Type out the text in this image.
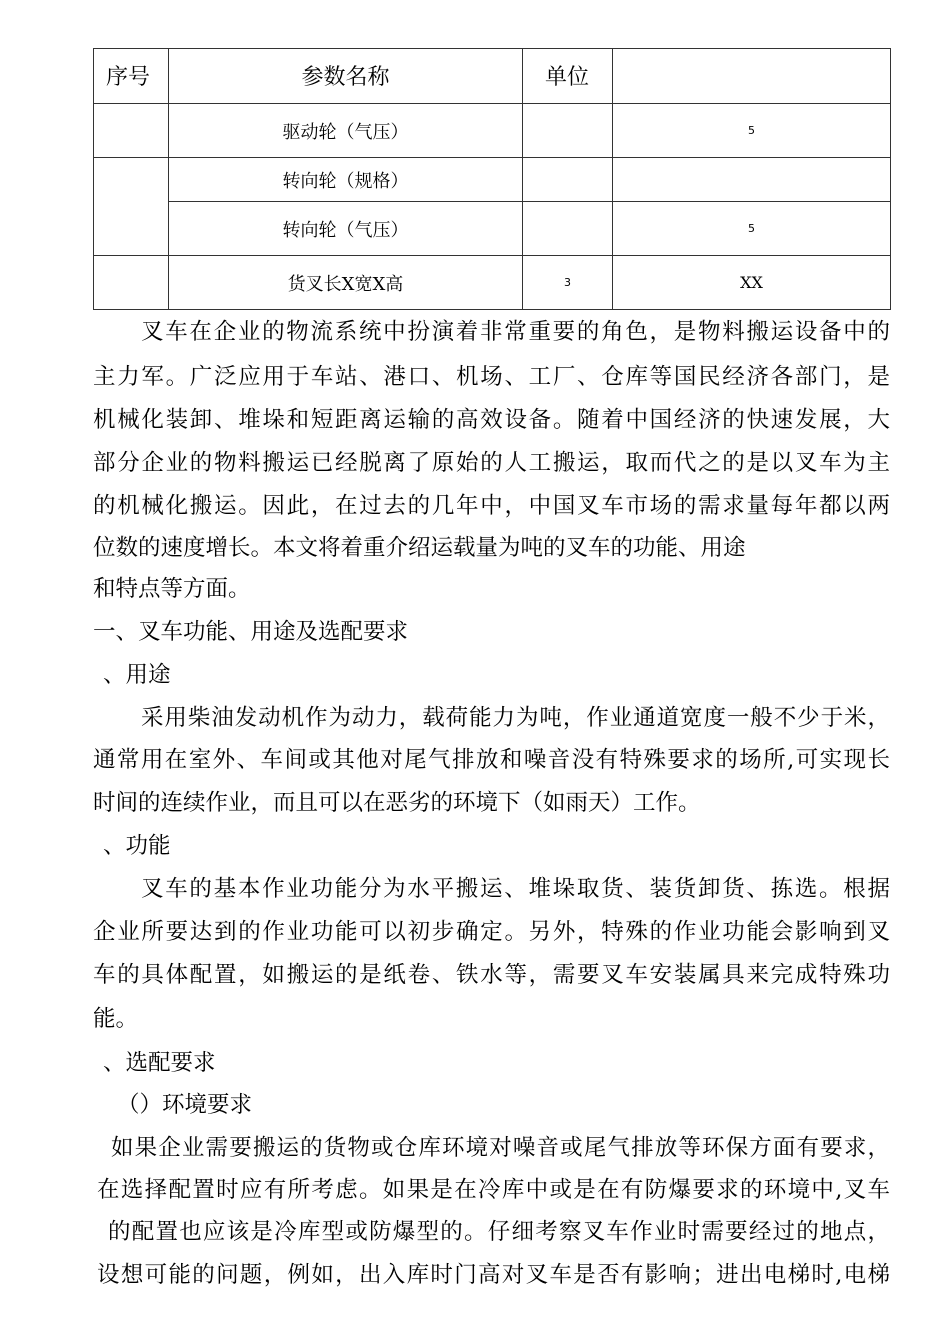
序号	参数名称	单位	
	驱动轮（气压）		5
	转向轮（规格）		
	转向轮（气压）		5
	货叉长X宽X高	3	XX
叉车在企业的物流系统中扮演着非常重要的角色，是物料搬运设备中的
主力军。广泛应用于车站、港口、机场、工厂、仓库等国民经济各部门，是
机械化装卸、堆垛和短距离运输的高效设备。随着中国经济的快速发展，大
部分企业的物料搬运已经脱离了原始的人工搬运，取而代之的是以叉车为主
的机械化搬运。因此，在过去的几年中，中国叉车市场的需求量每年都以两
位数的速度增长。本文将着重介绍运载量为吨的叉车的功能、用途
和特点等方面。
一、叉车功能、用途及选配要求
、用途
采用柴油发动机作为动力，载荷能力为吨，作业通道宽度一般不少于米，
通常用在室外、车间或其他对尾气排放和噪音没有特殊要求的场所,可实现长
时间的连续作业，而且可以在恶劣的环境下（如雨天）工作。
、功能
叉车的基本作业功能分为水平搬运、堆垛取货、装货卸货、拣选。根据
企业所要达到的作业功能可以初步确定。另外，特殊的作业功能会影响到叉
车的具体配置，如搬运的是纸卷、铁水等，需要叉车安装属具来完成特殊功
能。
、选配要求
（）环境要求
如果企业需要搬运的货物或仓库环境对噪音或尾气排放等环保方面有要求，
在选择配置时应有所考虑。如果是在冷库中或是在有防爆要求的环境中,叉车
的配置也应该是冷库型或防爆型的。仔细考察叉车作业时需要经过的地点，
设想可能的问题，例如，出入库时门高对叉车是否有影响；进出电梯时,电梯
